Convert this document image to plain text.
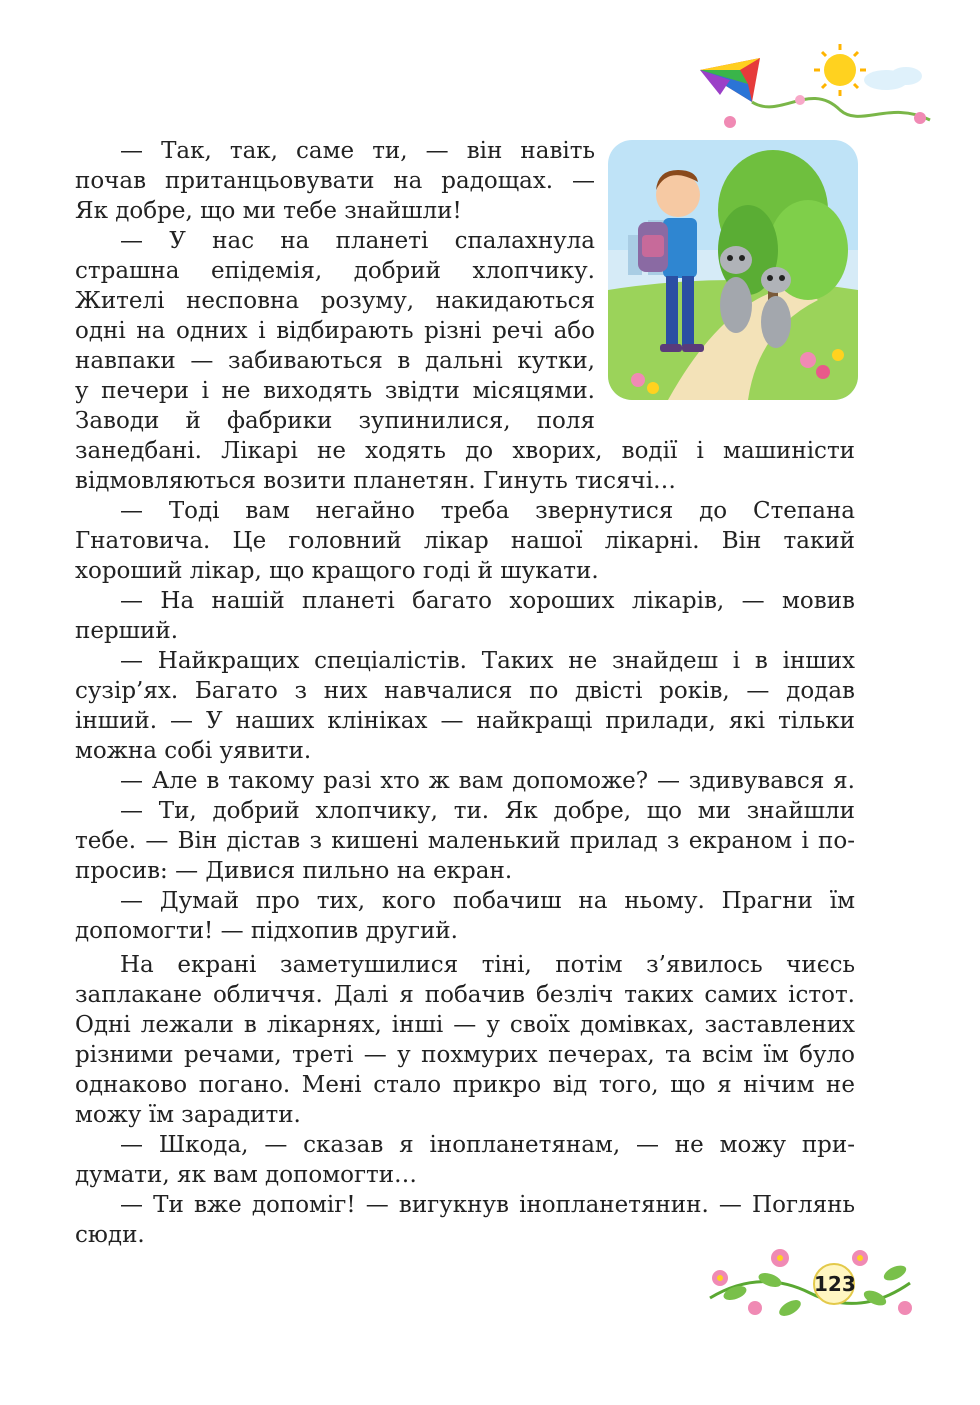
— Так, так, саме ти, — він навіть

почав пританцьовувати на радощах. —

Як добре, що ми тебе знайшли!

— У нас на планеті спалахнула

страшна епідемія, добрий хлопчику.

Жителі несповна розуму, накидаються

одні на одних і відбирають різні речі або

навпаки — забиваються в дальні кутки,

у печери і не виходять звідти місяцями.

Заводи й фабрики зупинилися, поля

занедбані. Лікарі не ходять до хворих, водії і машиністи

відмовляються возити планетян. Гинуть тисячі…

— Тоді вам негайно треба звернутися до Степана

Гнатовича. Це головний лікар нашої лікарні. Він такий

хороший лікар, що кращого годі й шукати.

— На нашій планеті багато хороших лікарів, — мовив

перший.

— Найкращих спеціалістів. Таких не знайдеш і в інших

сузір’ях. Багато з них навчалися по двісті років, — додав

інший. — У наших клініках — найкращі прилади, які тільки

можна собі уявити.

— Але в такому разі хто ж вам допоможе? — здивувався я.

— Ти, добрий хлопчику, ти. Як добре, що ми знайшли

тебе. — Він дістав з кишені маленький прилад з екраном і по-

просив: — Дивися пильно на екран.

— Думай про тих, кого побачиш на ньому. Прагни їм

допомогти! — підхопив другий.

На екрані заметушилися тіні, потім з’явилось чиєсь

заплакане обличчя. Далі я побачив безліч таких самих істот.

Одні лежали в лікарнях, інші — у своїх домівках, заставлених

різними речами, треті — у похмурих печерах, та всім їм було

однаково погано. Мені стало прикро від того, що я нічим не

можу їм зарадити.

— Шкода, — сказав я інопланетянам, — не можу при-

думати, як вам допомогти…

— Ти вже допоміг! — вигукнув інопланетянин. — Поглянь

сюди.

123
